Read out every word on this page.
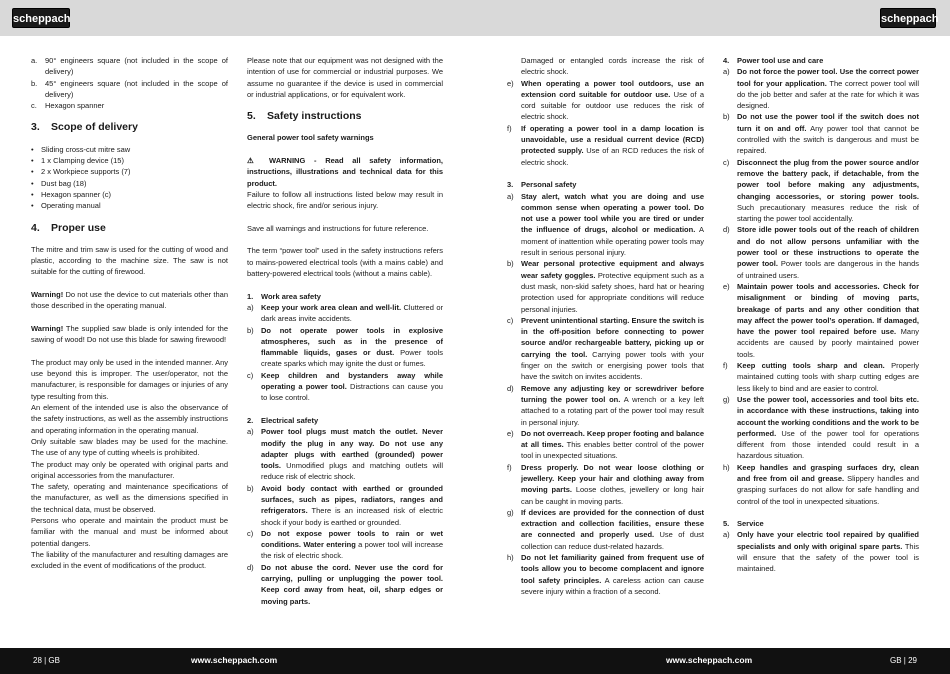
scheppach	scheppach
a. 90° engineers square (not included in the scope of delivery)
b. 45° engineers square (not included in the scope of delivery)
c. Hexagon spanner
3. Scope of delivery
• Sliding cross-cut mitre saw
• 1 x Clamping device (15)
• 2 x Workpiece supports (7)
• Dust bag (18)
• Hexagon spanner (c)
• Operating manual
4. Proper use

The mitre and trim saw is used for the cutting of wood and plastic, according to the machine size. The saw is not suitable for the cutting of firewood.

Warning! Do not use the device to cut materials other than those described in the operating manual.

Warning! The supplied saw blade is only intended for the sawing of wood! Do not use this blade for sawing firewood!

The product may only be used in the intended manner. Any use beyond this is improper. The user/operator, not the manufacturer, is responsible for damages or injuries of any type resulting from this.

An element of the intended use is also the observance of the safety instructions, as well as the assembly instructions and operating information in the operating manual.

Only suitable saw blades may be used for the machine. The use of any type of cutting wheels is prohibited.

The product may only be operated with original parts and original accessories from the manufacturer.

The safety, operating and maintenance specifications of the manufacturer, as well as the dimensions specified in the technical data, must be observed.

Persons who operate and maintain the product must be familiar with the manual and must be informed about potential dangers.

The liability of the manufacturer and resulting damages are excluded in the event of modifications of the product.

Please note that our equipment was not designed with the intention of use for commercial or industrial purposes. We assume no guarantee if the device is used in commercial or industrial applications, or for equivalent work.

5. Safety instructions

General power tool safety warnings

⚠ WARNING - Read all safety information, instructions, illustrations and technical data for this product.

Failure to follow all instructions listed below may result in electric shock, fire and/or serious injury.

Save all warnings and instructions for future reference.

The term “power tool” used in the safety instructions refers to mains-powered electrical tools (with a mains cable) and battery-powered electrical tools (without a mains cable).

1. Work area safety
a) Keep your work area clean and well-lit. Cluttered or dark areas invite accidents.
b) Do not operate power tools in explosive atmospheres, such as in the presence of flammable liquids, gases or dust. Power tools create sparks which may ignite the dust or fumes.
c) Keep children and bystanders away while operating a power tool. Distractions can cause you to lose control.
2. Electrical safety
a) Power tool plugs must match the outlet. Never modify the plug in any way. Do not use any adapter plugs with earthed (grounded) power tools. Unmodified plugs and matching outlets will reduce risk of electric shock.
b) Avoid body contact with earthed or grounded surfaces, such as pipes, radiators, ranges and refrigerators. There is an increased risk of electric shock if your body is earthed or grounded.
c) Do not expose power tools to rain or wet conditions. Water entering a power tool will increase the risk of electric shock.
d) Do not abuse the cord. Never use the cord for carrying, pulling or unplugging the power tool. Keep cord away from heat, oil, sharp edges or moving parts.
Damaged or entangled cords increase the risk of electric shock.
e) When operating a power tool outdoors, use an extension cord suitable for outdoor use. Use of a cord suitable for outdoor use reduces the risk of electric shock.
f) If operating a power tool in a damp location is unavoidable, use a residual current device (RCD) protected supply. Use of an RCD reduces the risk of electric shock.
3. Personal safety
a) Stay alert, watch what you are doing and use common sense when operating a power tool. Do not use a power tool while you are tired or under the influence of drugs, alcohol or medication. A moment of inattention while operating power tools may result in serious personal injury.
b) Wear personal protective equipment and always wear safety goggles. Protective equipment such as a dust mask, non-skid safety shoes, hard hat or hearing protection used for appropriate conditions will reduce personal injuries.
c) Prevent unintentional starting. Ensure the switch is in the off-position before connecting to power source and/or rechargeable battery, picking up or carrying the tool. Carrying power tools with your finger on the switch or energising power tools that have the switch on invites accidents.
d) Remove any adjusting key or screwdriver before turning the power tool on. A wrench or a key left attached to a rotating part of the power tool may result in personal injury.
e) Do not overreach. Keep proper footing and balance at all times. This enables better control of the power tool in unexpected situations.
f) Dress properly. Do not wear loose clothing or jewellery. Keep your hair and clothing away from moving parts. Loose clothes, jewellery or long hair can be caught in moving parts.
g) If devices are provided for the connection of dust extraction and collection facilities, ensure these are connected and properly used. Use of dust collection can reduce dust-related hazards.
h) Do not let familiarity gained from frequent use of tools allow you to become complacent and ignore tool safety principles. A careless action can cause severe injury within a fraction of a second.
4. Power tool use and care
a) Do not force the power tool. Use the correct power tool for your application. The correct power tool will do the job better and safer at the rate for which it was designed.
b) Do not use the power tool if the switch does not turn it on and off. Any power tool that cannot be controlled with the switch is dangerous and must be repaired.
c) Disconnect the plug from the power source and/or remove the battery pack, if detachable, from the power tool before making any adjustments, changing accessories, or storing power tools. Such precautionary measures reduce the risk of starting the power tool accidentally.
d) Store idle power tools out of the reach of children and do not allow persons unfamiliar with the power tool or these instructions to operate the power tool. Power tools are dangerous in the hands of untrained users.
e) Maintain power tools and accessories. Check for misalignment or binding of moving parts, breakage of parts and any other condition that may affect the power tool’s operation. If damaged, have the power tool repaired before use. Many accidents are caused by poorly maintained power tools.
f) Keep cutting tools sharp and clean. Properly maintained cutting tools with sharp cutting edges are less likely to bind and are easier to control.
g) Use the power tool, accessories and tool bits etc. in accordance with these instructions, taking into account the working conditions and the work to be performed. Use of the power tool for operations different from those intended could result in a hazardous situation.
h) Keep handles and grasping surfaces dry, clean and free from oil and grease. Slippery handles and grasping surfaces do not allow for safe handling and control of the tool in unexpected situations.
5. Service
a) Only have your electric tool repaired by qualified specialists and only with original spare parts. This will ensure that the safety of the power tool is maintained.
28 | GB	www.scheppach.com	www.scheppach.com	GB | 29
